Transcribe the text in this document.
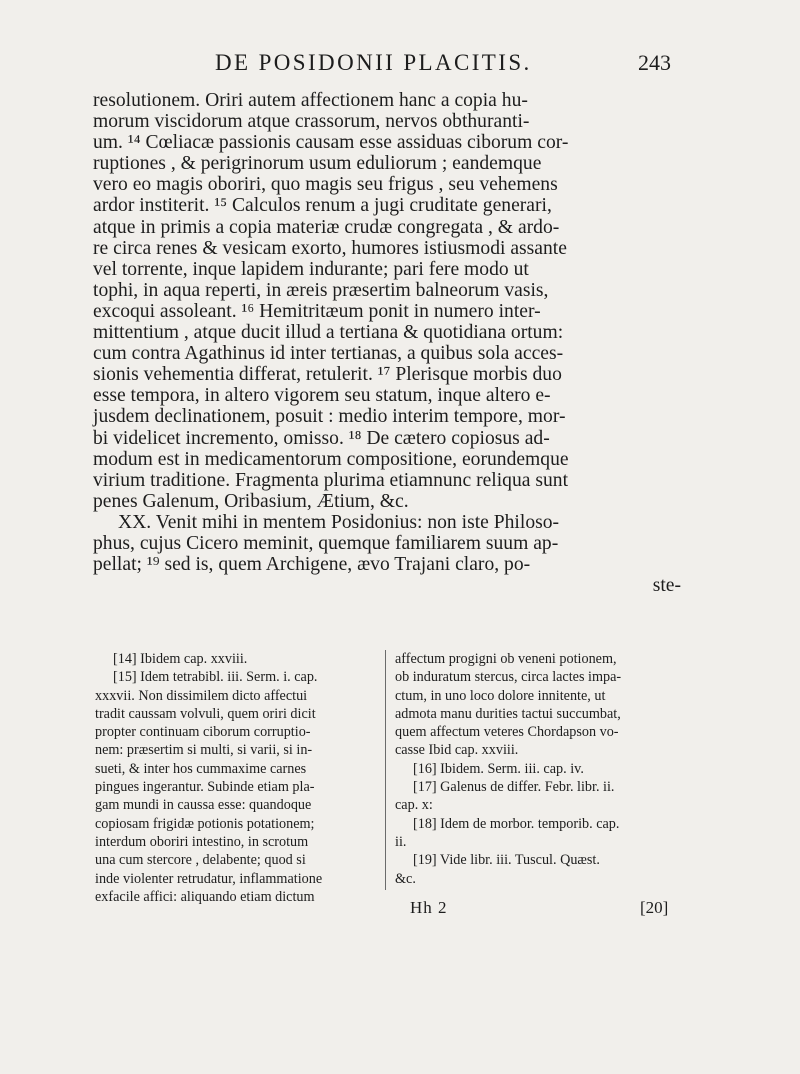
DE POSIDONII PLACITIS.	243
resolutionem. Oriri autem affectionem hanc a copia hu-
morum viscidorum atque crassorum, nervos obthuranti-
um. ¹⁴ Cœliacæ passionis causam esse assiduas ciborum cor-
ruptiones , & perigrinorum usum eduliorum ; eandemque
vero eo magis oboriri, quo magis seu frigus , seu vehemens
ardor institerit. ¹⁵ Calculos renum a jugi cruditate generari,
atque in primis a copia materiæ crudæ congregata , & ardo-
re circa renes & vesicam exorto, humores istiusmodi assante
vel torrente, inque lapidem indurante; pari fere modo ut
tophi, in aqua reperti, in æreis præsertim balneorum vasis,
excoqui assoleant. ¹⁶ Hemitritæum ponit in numero inter-
mittentium , atque ducit illud a tertiana & quotidiana ortum:
cum contra Agathinus id inter tertianas, a quibus sola acces-
sionis vehementia differat, retulerit. ¹⁷ Plerisque morbis duo
esse tempora, in altero vigorem seu statum, inque altero e-
jusdem declinationem, posuit : medio interim tempore, mor-
bi videlicet incremento, omisso. ¹⁸ De cætero copiosus ad-
modum est in medicamentorum compositione, eorundemque
virium traditione. Fragmenta plurima etiamnunc reliqua sunt
penes Galenum, Oribasium, Ætium, &c.
XX. Venit mihi in mentem Posidonius: non iste Philoso-
phus, cujus Cicero meminit, quemque familiarem suum ap-
pellat; ¹⁹ sed is, quem Archigene, ævo Trajani claro, po-
ste-
[14] Ibidem cap. xxviii.
[15] Idem tetrabibl. iii. Serm. i. cap.
xxxvii. Non dissimilem dicto affectui
tradit caussam volvuli, quem oriri dicit
propter continuam ciborum corruptio-
nem: præsertim si multi, si varii, si in-
sueti, & inter hos cummaxime carnes
pingues ingerantur. Subinde etiam pla-
gam mundi in caussa esse: quandoque
copiosam frigidæ potionis potationem;
interdum oboriri intestino, in scrotum
una cum stercore , delabente; quod si
inde violenter retrudatur, inflammatione
exfacile affici: aliquando etiam dictum
affectum progigni ob veneni potionem,
ob induratum stercus, circa lactes impa-
ctum, in uno loco dolore innitente, ut
admota manu durities tactui succumbat,
quem affectum veteres Chordapson vo-
casse Ibid cap. xxviii.
[16] Ibidem. Serm. iii. cap. iv.
[17] Galenus de differ. Febr. libr. ii.
cap. x:
[18] Idem de morbor. temporib. cap.
ii.
[19] Vide libr. iii. Tuscul. Quæst.
&c.
Hh 2	[20]
